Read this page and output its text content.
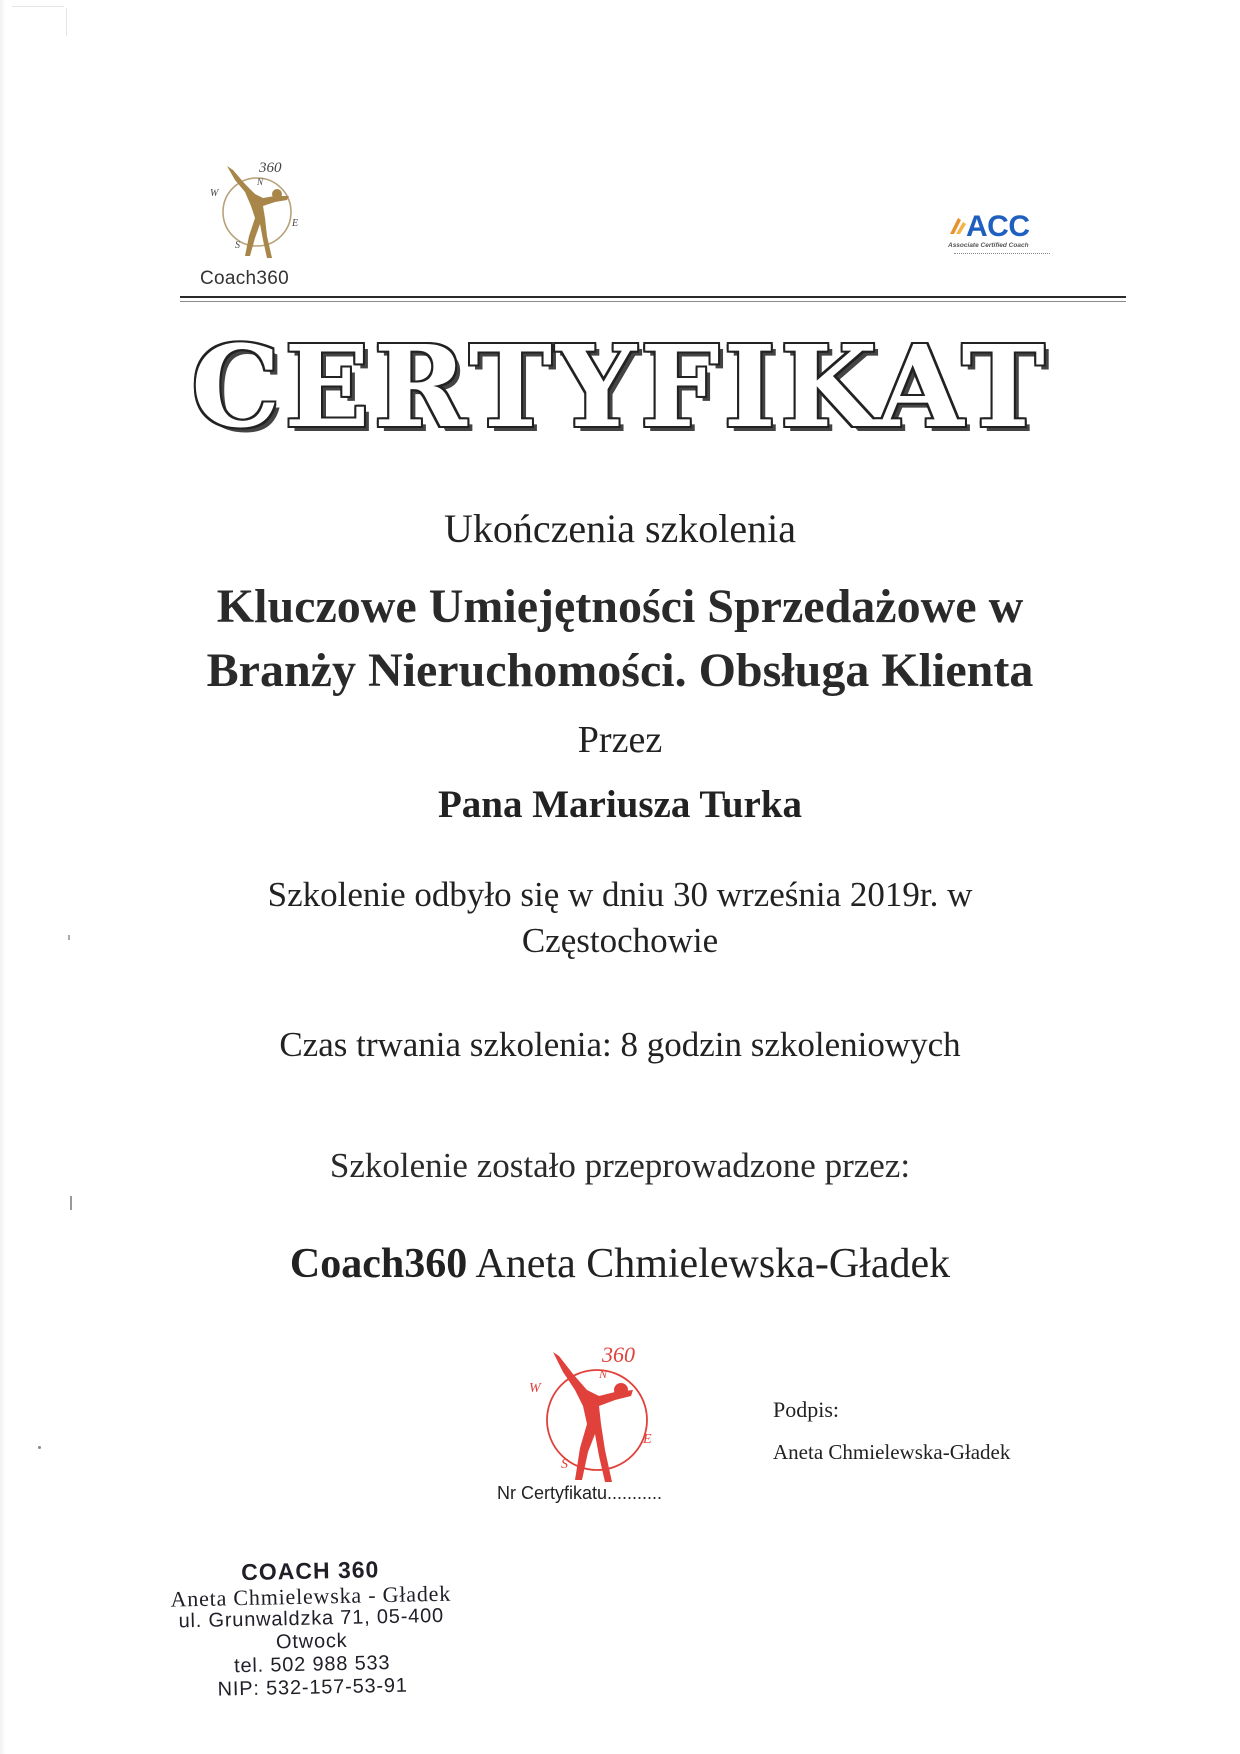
360
N
W
E
S
Coach360
ACC
Associate Certified Coach
CERTYFIKAT
Ukończenia szkolenia
Kluczowe Umiejętności Sprzedażowe w
Branży Nieruchomości. Obsługa Klienta
Przez
Pana Mariusza Turka
Szkolenie odbyło się w dniu 30 września 2019r. w
Częstochowie
Czas trwania szkolenia: 8 godzin szkoleniowych
Szkolenie zostało przeprowadzone przez:
Coach360 Aneta Chmielewska-Gładek
360
N
W
E
S
Nr Certyfikatu...........
Podpis:
Aneta Chmielewska-Gładek
COACH 360
Aneta Chmielewska - Gładek
ul. Grunwaldzka 71, 05-400 Otwock
tel. 502 988 533
NIP: 532-157-53-91
